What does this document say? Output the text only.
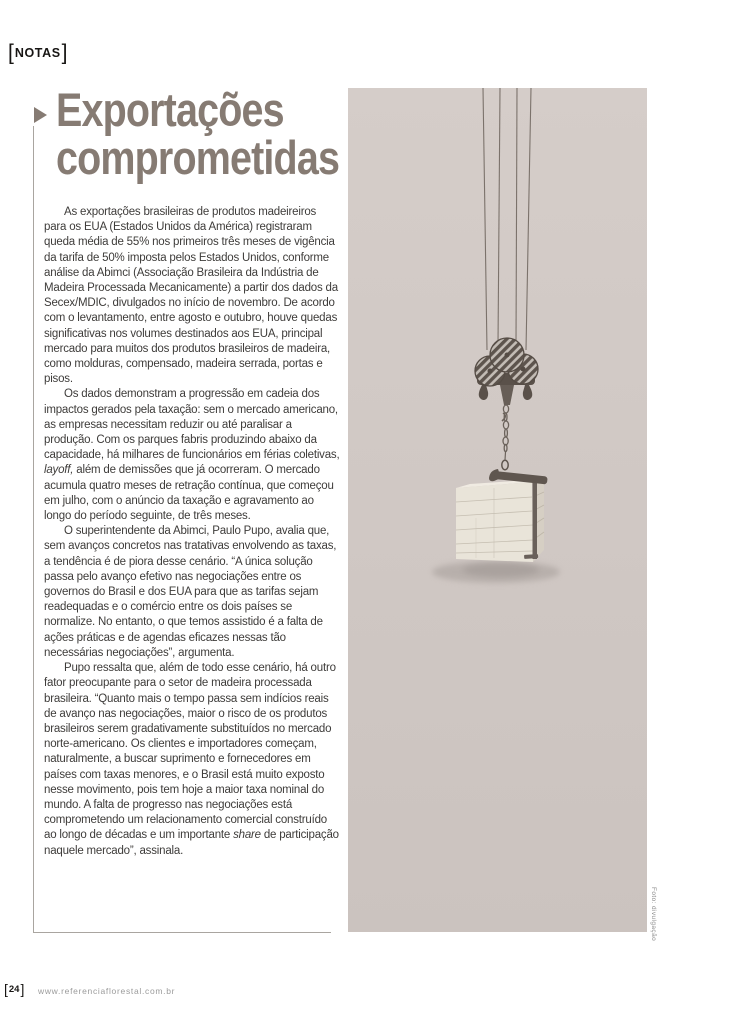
[ NOTAS ]
Exportações
comprometidas

As exportações brasileiras de produtos madeireiros para os EUA (Estados Unidos da América) registraram queda média de 55% nos primeiros três meses de vigência da tarifa de 50% imposta pelos Estados Unidos, conforme análise da Abimci (Associação Brasileira da Indústria de Madeira Processada Mecanicamente) a partir dos dados da Secex/MDIC, divulgados no início de novembro. De acordo com o levantamento, entre agosto e outubro, houve quedas significativas nos volumes destinados aos EUA, principal mercado para muitos dos produtos brasileiros de madeira, como molduras, compensado, madeira serrada, portas e pisos.

Os dados demonstram a progressão em cadeia dos impactos gerados pela taxação: sem o mercado americano, as empresas necessitam reduzir ou até paralisar a produção. Com os parques fabris produzindo abaixo da capacidade, há milhares de funcionários em férias coletivas, layoff, além de demissões que já ocorreram. O mercado acumula quatro meses de retração contínua, que começou em julho, com o anúncio da taxação e agravamento ao longo do período seguinte, de três meses.

O superintendente da Abimci, Paulo Pupo, avalia que, sem avanços concretos nas tratativas envolvendo as taxas, a tendência é de piora desse cenário. “A única solução passa pelo avanço efetivo nas negociações entre os governos do Brasil e dos EUA para que as tarifas sejam readequadas e o comércio entre os dois países se normalize. No entanto, o que temos assistido é a falta de ações práticas e de agendas eficazes nessas tão necessárias negociações”, argumenta.

Pupo ressalta que, além de todo esse cenário, há outro fator preocupante para o setor de madeira processada brasileira. “Quanto mais o tempo passa sem indícios reais de avanço nas negociações, maior o risco de os produtos brasileiros serem gradativamente substituídos no mercado norte-americano. Os clientes e importadores começam, naturalmente, a buscar suprimento e fornecedores em países com taxas menores, e o Brasil está muito exposto nesse movimento, pois tem hoje a maior taxa nominal do mundo. A falta de progresso nas negociações está comprometendo um relacionamento comercial construído ao longo de décadas e um importante share de participação naquele mercado”, assinala.

Foto: divulgação
[ 24 ] www.referenciaflorestal.com.br
